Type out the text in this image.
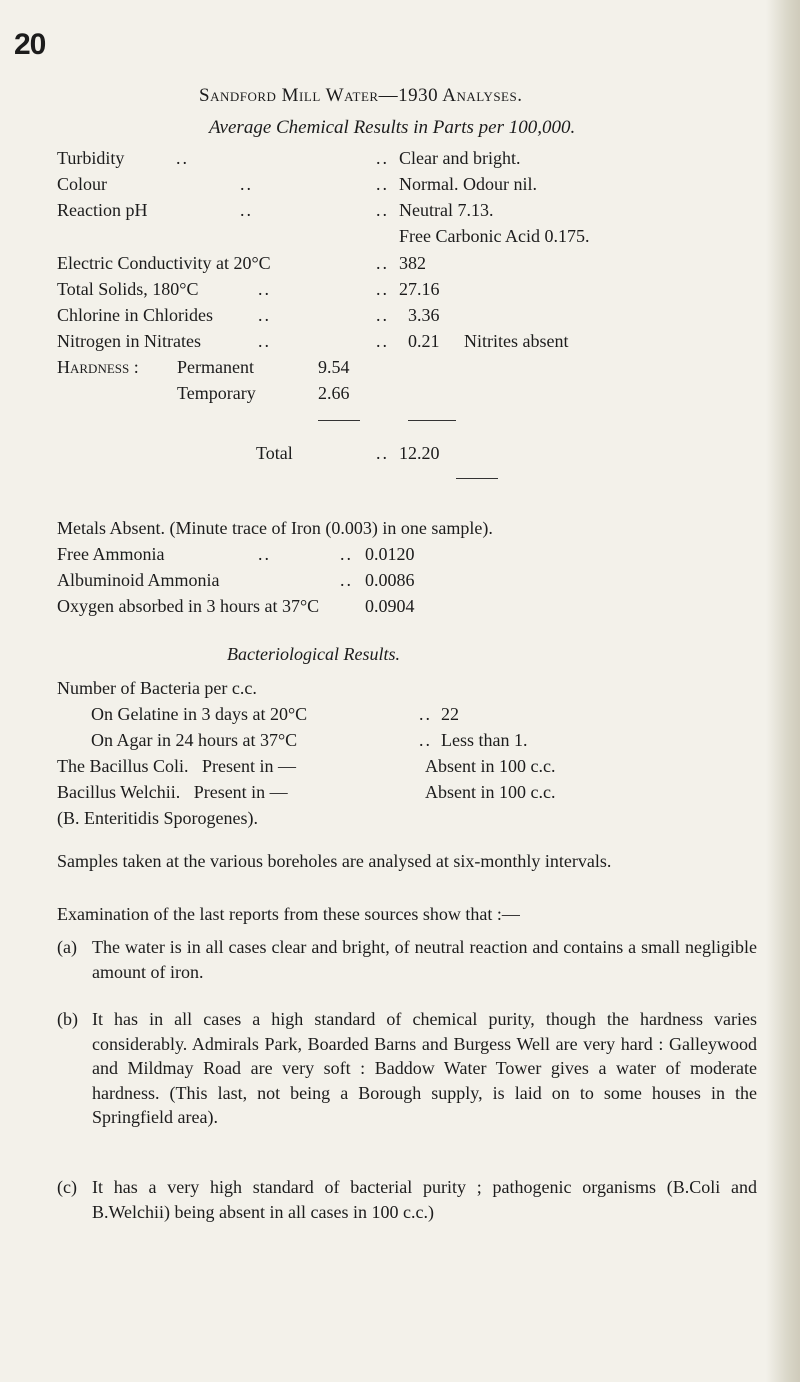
20
Sandford Mill Water—1930 Analyses.
Average Chemical Results in Parts per 100,000.
Turbidity	..	.. Clear and bright.
Colour	..	.. Normal. Odour nil.
Reaction pH	..	.. Neutral 7.13.
Free Carbonic Acid 0.175.
Electric Conductivity at 20°C	.. 382
Total Solids, 180°C	..	.. 27.16
Chlorine in Chlorides	..	.. 3.36
Nitrogen in Nitrates	..	.. 0.21 Nitrites absent
Hardness : Permanent	9.54
Temporary	2.66
Total	.. 12.20
Metals Absent. (Minute trace of Iron (0.003) in one sample).
Free Ammonia	..	.. 0.0120
Albuminoid Ammonia	.. 0.0086
Oxygen absorbed in 3 hours at 37°C	0.0904
Bacteriological Results.
Number of Bacteria per c.c.
On Gelatine in 3 days at 20°C	.. 22
On Agar in 24 hours at 37°C	.. Less than 1.
The Bacillus Coli.   Present in —	Absent in 100 c.c.
Bacillus Welchii.   Present in —	Absent in 100 c.c.
(B. Enteritidis Sporogenes).
Samples taken at the various boreholes are analysed at six-monthly intervals.
Examination of the last reports from these sources show that :—
(a) The water is in all cases clear and bright, of neutral reaction and contains a small negligible amount of iron.
(b) It has in all cases a high standard of chemical purity, though the hardness varies considerably. Admirals Park, Boarded Barns and Burgess Well are very hard : Galleywood and Mildmay Road are very soft : Baddow Water Tower gives a water of moderate hardness. (This last, not being a Borough supply, is laid on to some houses in the Springfield area).
(c) It has a very high standard of bacterial purity ; pathogenic organisms (B.Coli and B.Welchii) being absent in all cases in 100 c.c.)
